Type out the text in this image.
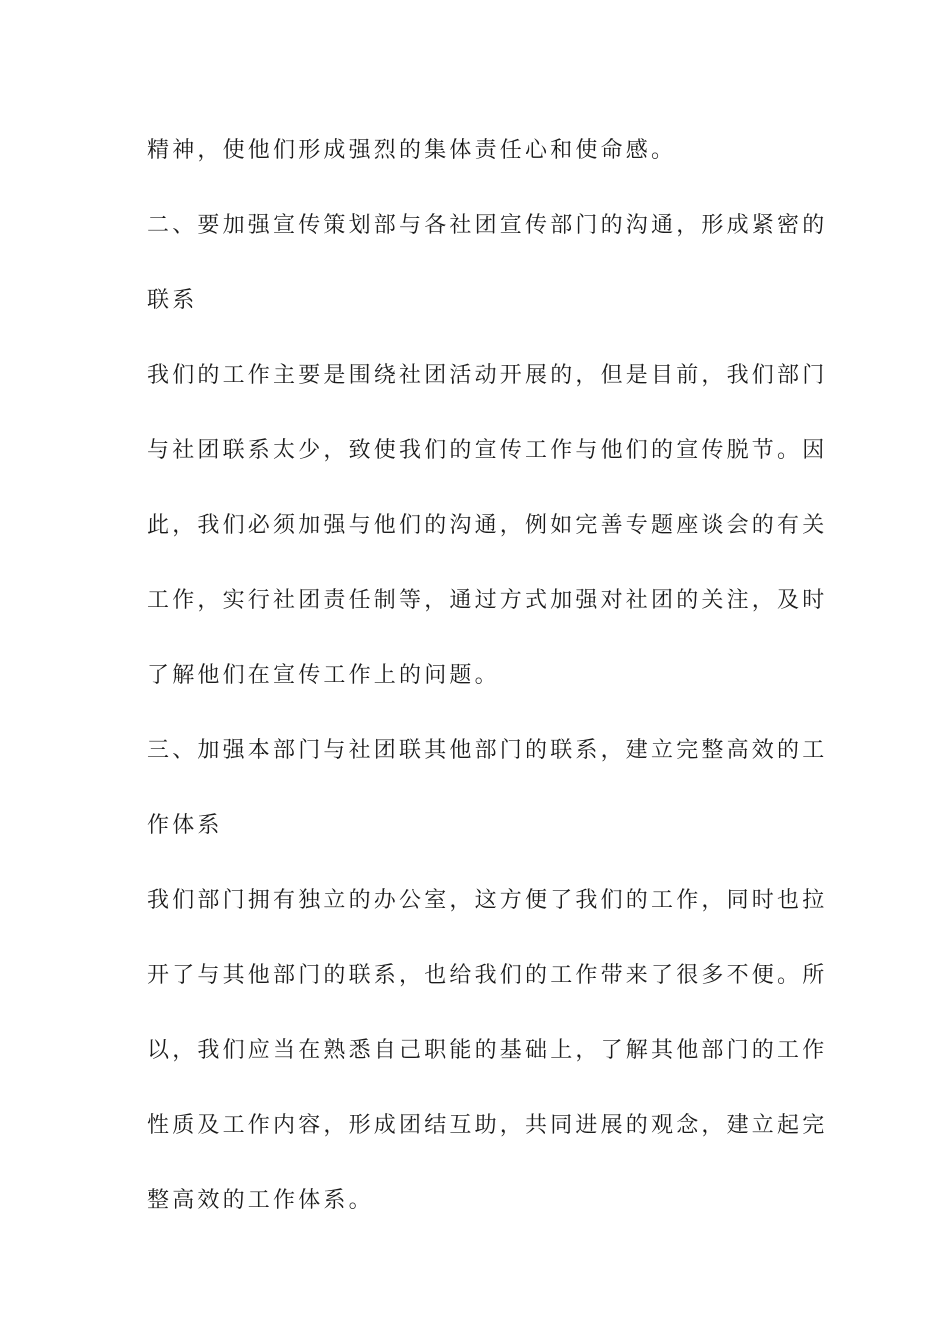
精神，使他们形成强烈的集体责任心和使命感。
二、要加强宣传策划部与各社团宣传部门的沟通，形成紧密的
联系
我们的工作主要是围绕社团活动开展的，但是目前，我们部门
与社团联系太少，致使我们的宣传工作与他们的宣传脱节。因
此，我们必须加强与他们的沟通，例如完善专题座谈会的有关
工作，实行社团责任制等，通过方式加强对社团的关注，及时
了解他们在宣传工作上的问题。
三、加强本部门与社团联其他部门的联系，建立完整高效的工
作体系
我们部门拥有独立的办公室，这方便了我们的工作，同时也拉
开了与其他部门的联系，也给我们的工作带来了很多不便。所
以，我们应当在熟悉自己职能的基础上，了解其他部门的工作
性质及工作内容，形成团结互助，共同进展的观念，建立起完
整高效的工作体系。
